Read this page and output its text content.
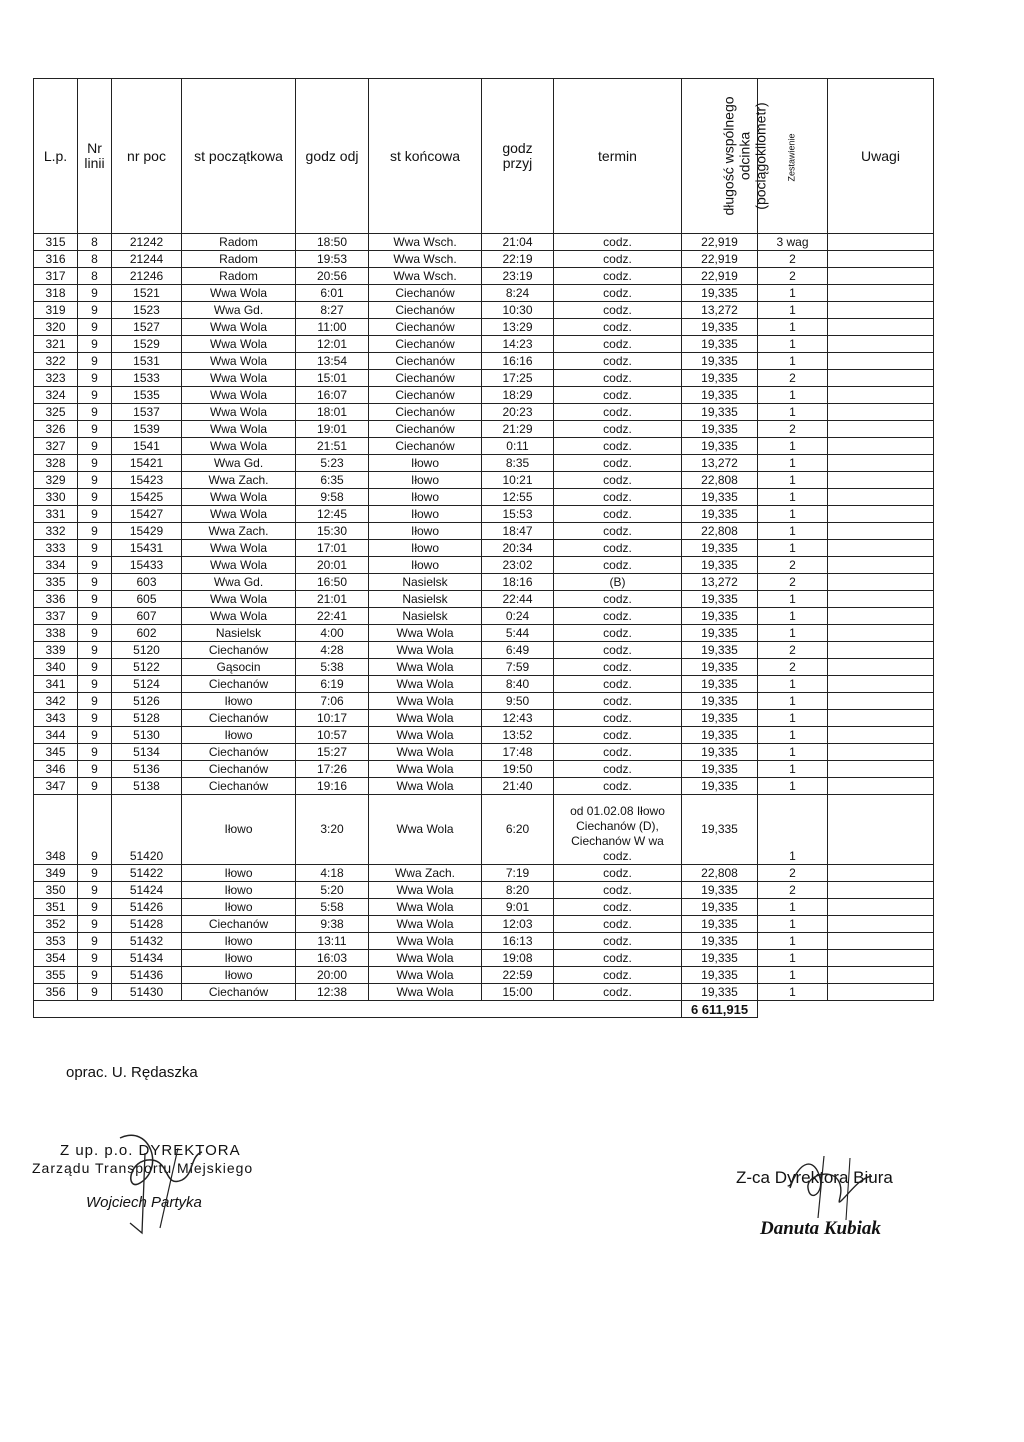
L.p.	Nr
linii	nr poc	st początkowa	godz odj	st końcowa	godz
przyj	termin	długość wspólnego
odcinka
(pociągokilometr)	Zestawienie	Uwagi
315	8	21242	Radom	18:50	Wwa Wsch.	21:04	codz.	22,919	3 wag	
316	8	21244	Radom	19:53	Wwa Wsch.	22:19	codz.	22,919	2	
317	8	21246	Radom	20:56	Wwa Wsch.	23:19	codz.	22,919	2	
318	9	1521	Wwa Wola	6:01	Ciechanów	8:24	codz.	19,335	1	
319	9	1523	Wwa Gd.	8:27	Ciechanów	10:30	codz.	13,272	1	
320	9	1527	Wwa Wola	11:00	Ciechanów	13:29	codz.	19,335	1	
321	9	1529	Wwa Wola	12:01	Ciechanów	14:23	codz.	19,335	1	
322	9	1531	Wwa Wola	13:54	Ciechanów	16:16	codz.	19,335	1	
323	9	1533	Wwa Wola	15:01	Ciechanów	17:25	codz.	19,335	2	
324	9	1535	Wwa Wola	16:07	Ciechanów	18:29	codz.	19,335	1	
325	9	1537	Wwa Wola	18:01	Ciechanów	20:23	codz.	19,335	1	
326	9	1539	Wwa Wola	19:01	Ciechanów	21:29	codz.	19,335	2	
327	9	1541	Wwa Wola	21:51	Ciechanów	0:11	codz.	19,335	1	
328	9	15421	Wwa Gd.	5:23	Iłowo	8:35	codz.	13,272	1	
329	9	15423	Wwa Zach.	6:35	Iłowo	10:21	codz.	22,808	1	
330	9	15425	Wwa Wola	9:58	Iłowo	12:55	codz.	19,335	1	
331	9	15427	Wwa Wola	12:45	Iłowo	15:53	codz.	19,335	1	
332	9	15429	Wwa Zach.	15:30	Iłowo	18:47	codz.	22,808	1	
333	9	15431	Wwa Wola	17:01	Iłowo	20:34	codz.	19,335	1	
334	9	15433	Wwa Wola	20:01	Iłowo	23:02	codz.	19,335	2	
335	9	603	Wwa Gd.	16:50	Nasielsk	18:16	(B)	13,272	2	
336	9	605	Wwa Wola	21:01	Nasielsk	22:44	codz.	19,335	1	
337	9	607	Wwa Wola	22:41	Nasielsk	0:24	codz.	19,335	1	
338	9	602	Nasielsk	4:00	Wwa Wola	5:44	codz.	19,335	1	
339	9	5120	Ciechanów	4:28	Wwa Wola	6:49	codz.	19,335	2	
340	9	5122	Gąsocin	5:38	Wwa Wola	7:59	codz.	19,335	2	
341	9	5124	Ciechanów	6:19	Wwa Wola	8:40	codz.	19,335	1	
342	9	5126	Iłowo	7:06	Wwa Wola	9:50	codz.	19,335	1	
343	9	5128	Ciechanów	10:17	Wwa Wola	12:43	codz.	19,335	1	
344	9	5130	Iłowo	10:57	Wwa Wola	13:52	codz.	19,335	1	
345	9	5134	Ciechanów	15:27	Wwa Wola	17:48	codz.	19,335	1	
346	9	5136	Ciechanów	17:26	Wwa Wola	19:50	codz.	19,335	1	
347	9	5138	Ciechanów	19:16	Wwa Wola	21:40	codz.	19,335	1	
348	9	51420	Iłowo	3:20	Wwa Wola	6:20	od 01.02.08 Iłowo Ciechanów (D), Ciechanów W wa codz.	19,335	1	
349	9	51422	Iłowo	4:18	Wwa Zach.	7:19	codz.	22,808	2	
350	9	51424	Iłowo	5:20	Wwa Wola	8:20	codz.	19,335	2	
351	9	51426	Iłowo	5:58	Wwa Wola	9:01	codz.	19,335	1	
352	9	51428	Ciechanów	9:38	Wwa Wola	12:03	codz.	19,335	1	
353	9	51432	Iłowo	13:11	Wwa Wola	16:13	codz.	19,335	1	
354	9	51434	Iłowo	16:03	Wwa Wola	19:08	codz.	19,335	1	
355	9	51436	Iłowo	20:00	Wwa Wola	22:59	codz.	19,335	1	
356	9	51430	Ciechanów	12:38	Wwa Wola	15:00	codz.	19,335	1	
								6 611,915		
oprac. U. Rędaszka
Z up. p.o. DYREKTORA
Zarządu Transportu Miejskiego
Wojciech Partyka
Z-ca Dyrektora Biura
Danuta Kubiak
